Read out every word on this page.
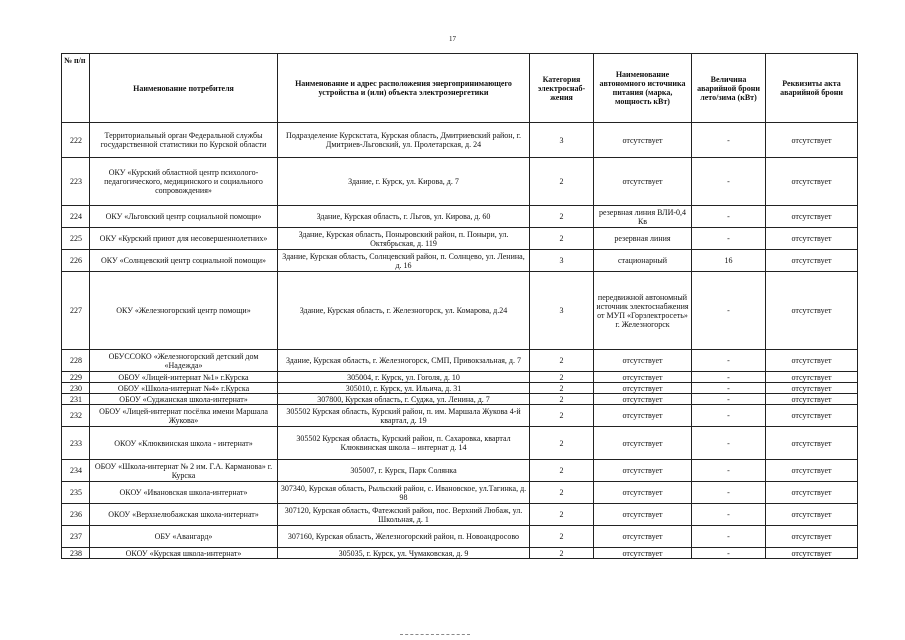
17
№ п/п	Наименование потребителя	Наименование и адрес расположения энергопринимающего устройства и (или) объекта электроэнергетики	Категория электроснаб-жения	Наименование автономного источника питания (марка, мощность кВт)	Величина аварийной брони лето/зима (кВт)	Реквизиты акта аварийной брони
222	Территориальный орган Федеральной службы государственной статистики по Курской области	Подразделение Курскстата, Курская область, Дмитриевский район, г. Дмитриев-Льговский, ул. Пролетарская, д. 24	3	отсутствует	-	отсутствует
223	ОКУ «Курский областной центр психолого-педагогического, медицинского и социального сопровождения»	Здание, г. Курск, ул. Кирова, д. 7	2	отсутствует	-	отсутствует
224	ОКУ «Льговский центр социальной помощи»	Здание, Курская область, г. Льгов, ул. Кирова, д. 60	2	резервная линия ВЛИ-0,4 Кв	-	отсутствует
225	ОКУ «Курский приют для несовершеннолетних»	Здание, Курская область, Поныровский район, п. Поныри, ул. Октябрьская, д. 119	2	резервная линия	-	отсутствует
226	ОКУ «Солнцевский центр социальной помощи»	Здание, Курская область, Солнцевский район, п. Солнцево, ул. Ленина, д. 16	3	стационарный	16	отсутствует
227	ОКУ «Железногорский центр помощи»	Здание, Курская область, г. Железногорск, ул. Комарова, д.24	3	передвижной автономный источник электоснабжения от МУП «Горэлектросеть» г. Железногорск	-	отсутствует
228	ОБУССОКО «Железногорский детский дом «Надежда»	Здание, Курская область, г. Железногорск, СМП, Привокзальная, д. 7	2	отсутствует	-	отсутствует
229	ОБОУ «Лицей-интернат №1» г.Курска	305004, г. Курск, ул. Гоголя, д. 10	2	отсутствует	-	отсутствует
230	ОБОУ «Школа-интернат №4» г.Курска	305010, г. Курск, ул. Ильича, д. 31	2	отсутствует	-	отсутствует
231	ОБОУ «Суджанская школа-интернат»	307800, Курская область, г. Суджа, ул. Ленина, д. 7	2	отсутствует	-	отсутствует
232	ОБОУ «Лицей-интернат посёлка имени Маршала Жукова»	305502 Курская область, Курский район, п. им. Маршала Жукова 4-й квартал, д. 19	2	отсутствует	-	отсутствует
233	ОКОУ «Клюквинская школа - интернат»	305502 Курская область, Курский район, п. Сахаровка, квартал Клюквинская школа – интернат д. 14	2	отсутствует	-	отсутствует
234	ОБОУ «Школа-интернат № 2 им. Г.А. Карманова» г. Курска	305007, г. Курск, Парк Солянка	2	отсутствует	-	отсутствует
235	ОКОУ «Ивановская школа-интернат»	307340, Курская область, Рыльский район, с. Ивановское, ул.Тагинка, д. 98	2	отсутствует	-	отсутствует
236	ОКОУ «Верхнелюбажская школа-интернат»	307120, Курская область, Фатежский район, пос. Верхний Любаж, ул. Школьная, д. 1	2	отсутствует	-	отсутствует
237	ОБУ «Авангард»	307160, Курская область, Железногорский район, п. Новоандросово	2	отсутствует	-	отсутствует
238	ОКОУ «Курская школа-интернат»	305035, г. Курск, ул. Чумаковская, д. 9	2	отсутствует	-	отсутствует
